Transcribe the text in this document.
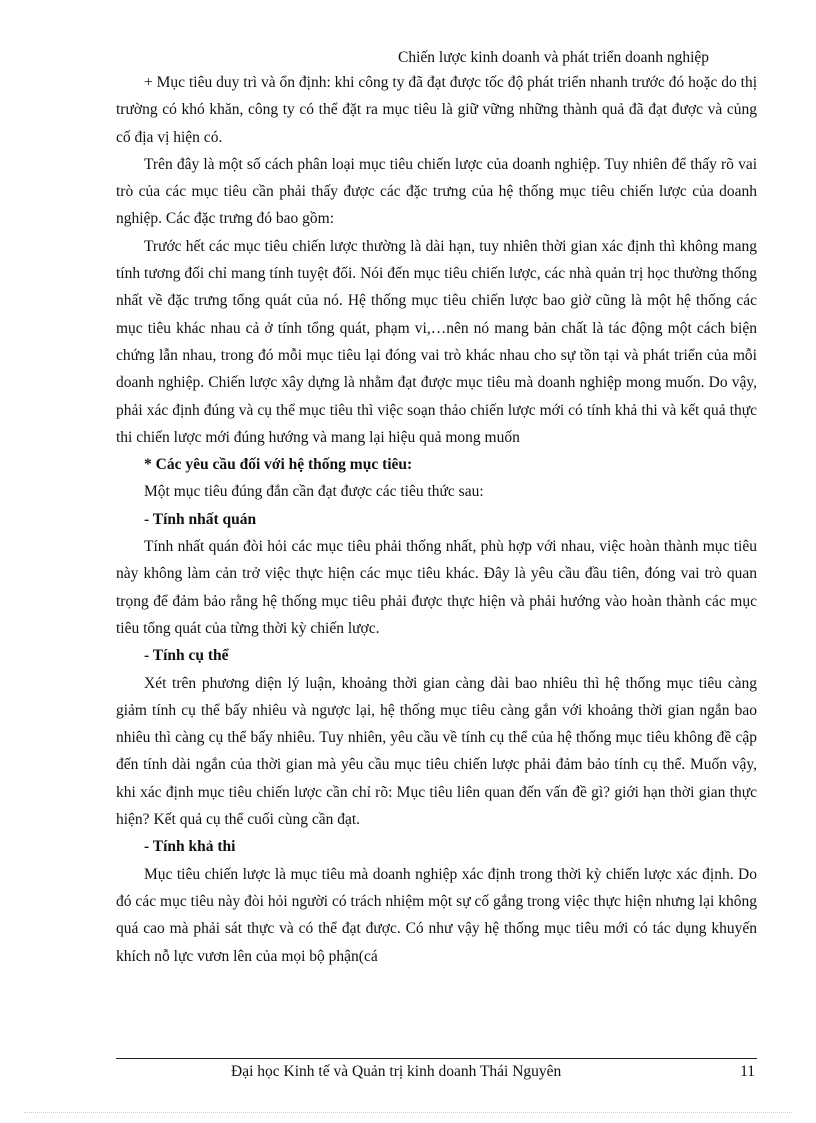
Chiến lược kinh doanh và phát triển doanh nghiệp

+ Mục tiêu duy trì và ổn định: khi công ty đã đạt được tốc độ phát triển nhanh trước đó hoặc do thị trường có khó khăn, công ty có thể đặt ra mục tiêu là giữ vững những thành quả đã đạt được và củng cố địa vị hiện có.

Trên đây là một số cách phân loại mục tiêu chiến lược của doanh nghiệp. Tuy nhiên để thấy rõ vai trò của các mục tiêu cần phải thấy được các đặc trưng của hệ thống mục tiêu chiến lược của doanh nghiệp. Các đặc trưng đó bao gồm:

Trước hết các mục tiêu chiến lược thường là dài hạn, tuy nhiên thời gian xác định thì không mang tính tương đối chỉ mang tính tuyệt đối. Nói đến mục tiêu chiến lược, các nhà quản trị học thường thống nhất về đặc trưng tổng quát của nó. Hệ thống mục tiêu chiến lược bao giờ cũng là một hệ thống các mục tiêu khác nhau cả ở tính tổng quát, phạm vi,…nên nó mang bản chất là tác động một cách biện chứng lẫn nhau, trong đó mỗi mục tiêu lại đóng vai trò khác nhau cho sự tồn tại và phát triển của mỗi doanh nghiệp. Chiến lược xây dựng là nhằm đạt được mục tiêu mà doanh nghiệp mong muốn. Do vậy, phải xác định đúng và cụ thể mục tiêu thì việc soạn thảo chiến lược mới có tính khả thi và kết quả thực thi chiến lược mới đúng hướng và mang lại hiệu quả mong muốn

* Các yêu cầu đối với hệ thống mục tiêu:

Một mục tiêu đúng đắn cần đạt được các tiêu thức sau:

- Tính nhất quán

Tính nhất quán đòi hỏi các mục tiêu phải thống nhất, phù hợp với nhau, việc hoàn thành mục tiêu này không làm cản trở việc thực hiện các mục tiêu khác. Đây là yêu cầu đầu tiên, đóng vai trò quan trọng để đảm bảo rằng hệ thống mục tiêu phải được thực hiện và phải hướng vào hoàn thành các mục tiêu tổng quát của từng thời kỳ chiến lược.

- Tính cụ thể

Xét trên phương diện lý luận, khoảng thời gian càng dài bao nhiêu thì hệ thống mục tiêu càng giảm tính cụ thể bấy nhiêu và ngược lại, hệ thống mục tiêu càng gắn với khoảng thời gian ngắn bao nhiêu thì càng cụ thể bấy nhiêu. Tuy nhiên, yêu cầu về tính cụ thể của hệ thống mục tiêu không đề cập đến tính dài ngắn của thời gian mà yêu cầu mục tiêu chiến lược phải đảm bảo tính cụ thể. Muốn vậy, khi xác định mục tiêu chiến lược cần chỉ rõ: Mục tiêu liên quan đến vấn đề gì? giới hạn thời gian thực hiện? Kết quả cụ thể cuối cùng cần đạt.

- Tính khả thi

Mục tiêu chiến lược là mục tiêu mà doanh nghiệp xác định trong thời kỳ chiến lược xác định. Do đó các mục tiêu này đòi hỏi người có trách nhiệm một sự cố gắng trong việc thực hiện nhưng lại không quá cao mà phải sát thực và có thể đạt được. Có như vậy hệ thống mục tiêu mới có tác dụng khuyến khích nỗ lực vươn lên của mọi bộ phận(cá

Đại học Kinh tế và Quản trị kinh doanh Thái Nguyên	11
